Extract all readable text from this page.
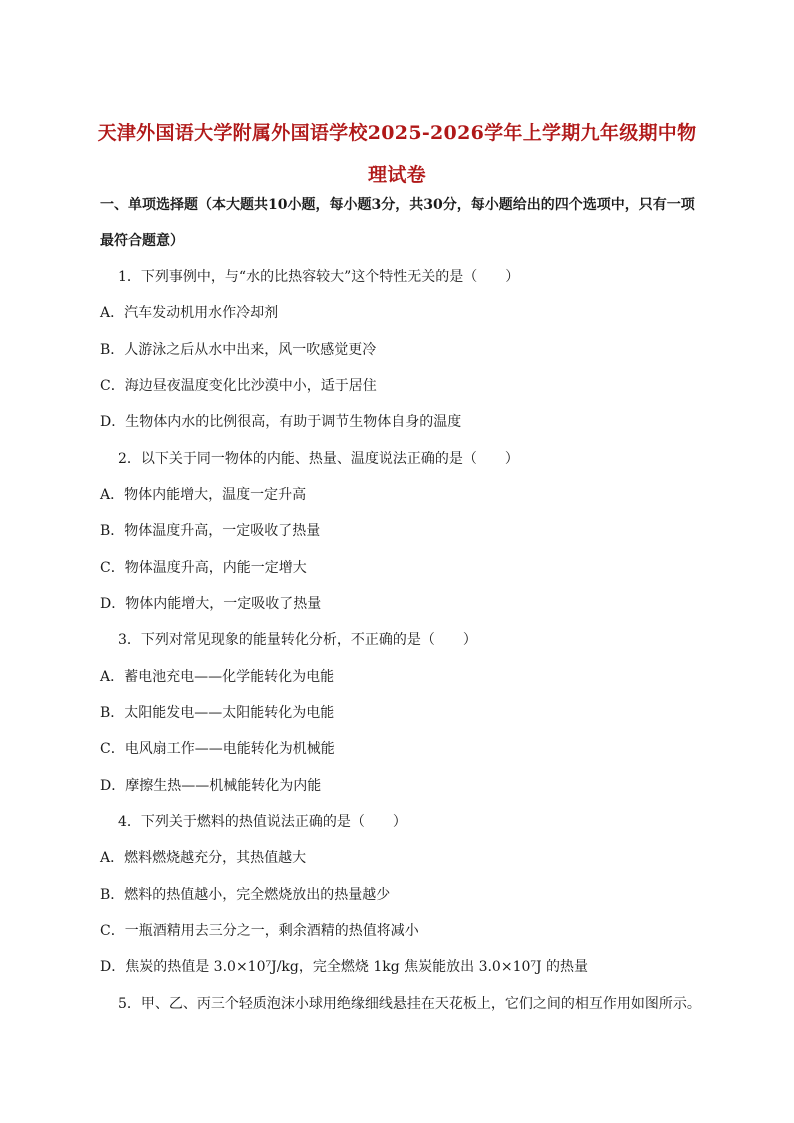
天津外国语大学附属外国语学校2025-2026学年上学期九年级期中物
理试卷
一、单项选择题（本大题共10小题，每小题3分，共30分，每小题给出的四个选项中，只有一项
最符合题意）
1．下列事例中，与“水的比热容较大”这个特性无关的是（　　）
A．汽车发动机用水作冷却剂
B．人游泳之后从水中出来，风一吹感觉更冷
C．海边昼夜温度变化比沙漠中小，适于居住
D．生物体内水的比例很高，有助于调节生物体自身的温度
2．以下关于同一物体的内能、热量、温度说法正确的是（　　）
A．物体内能增大，温度一定升高
B．物体温度升高，一定吸收了热量
C．物体温度升高，内能一定增大
D．物体内能增大，一定吸收了热量
3．下列对常见现象的能量转化分析，不正确的是（　　）
A．蓄电池充电——化学能转化为电能
B．太阳能发电——太阳能转化为电能
C．电风扇工作——电能转化为机械能
D．摩擦生热——机械能转化为内能
4．下列关于燃料的热值说法正确的是（　　）
A．燃料燃烧越充分，其热值越大
B．燃料的热值越小，完全燃烧放出的热量越少
C．一瓶酒精用去三分之一，剩余酒精的热值将减小
D．焦炭的热值是 3.0×10⁷J/kg，完全燃烧 1kg 焦炭能放出 3.0×10⁷J 的热量
5．甲、乙、丙三个轻质泡沫小球用绝缘细线悬挂在天花板上，它们之间的相互作用如图所示。
